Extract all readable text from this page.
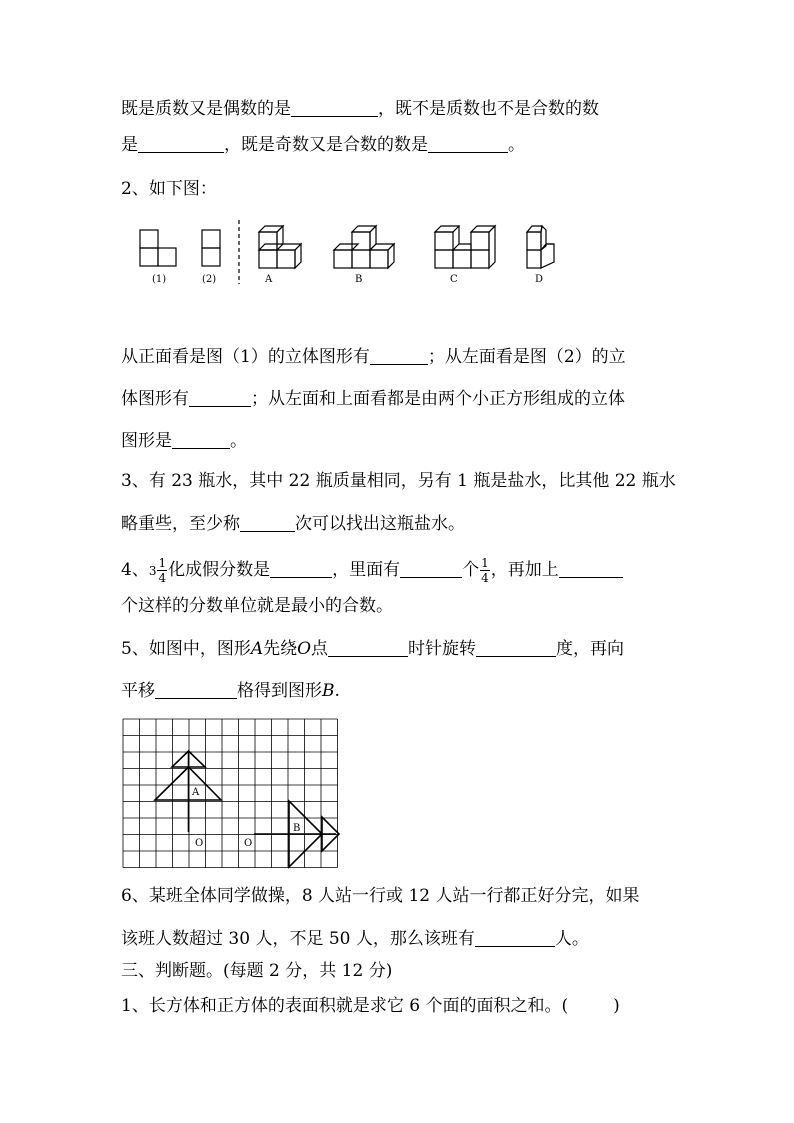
既是质数又是偶数的是	，既不是质数也不是合数的数
是	，既是奇数又是合数的数是	。
2、如下图：
(1)	(2)	A	B	C	D
从正面看是图（1）的立体图形有	；从左面看是图（2）的立
体图形有	；从左面和上面看都是由两个小正方形组成的立体
图形是	。
3、有 23 瓶水，其中 22 瓶质量相同，另有 1 瓶是盐水，比其他 22 瓶水
略重些，至少称	次可以找出这瓶盐水。
4、$3 \frac{1}{4}$ 化成假分数是	，里面有	个 $\frac{1}{4}$ ，再加上
个这样的分数单位就是最小的合数。
5、如图中，图形A先绕O点	时针旋转	度，再向
平移	格得到图形B.
A
B
O	O
6、某班全体同学做操，8 人站一行或 12 人站一行都正好分完，如果
该班人数超过 30 人，不足 50 人，那么该班有	人。
三、判断题。(每题 2 分，共 12 分)
1、长方体和正方体的表面积就是求它 6 个面的面积之和。(	)
